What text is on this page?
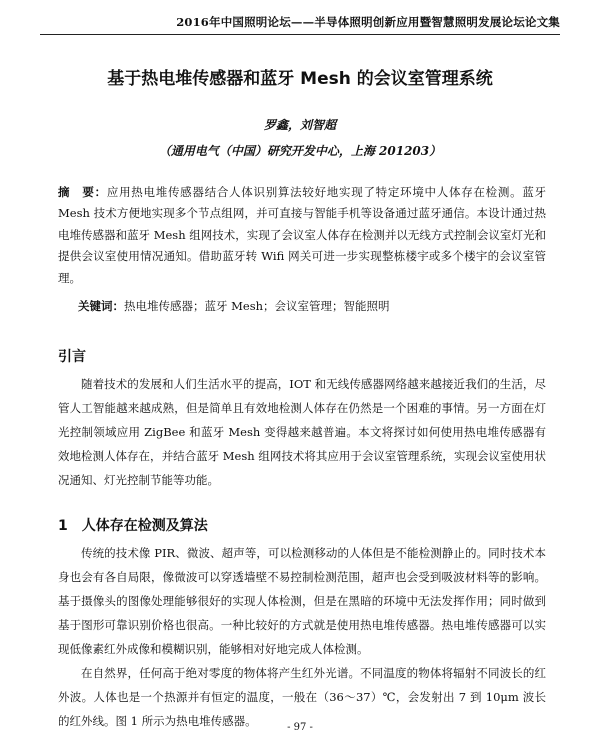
2016年中国照明论坛——半导体照明创新应用暨智慧照明发展论坛论文集
基于热电堆传感器和蓝牙 Mesh 的会议室管理系统
罗鑫，刘智超
（通用电气（中国）研究开发中心，上海 201203）
摘　要：应用热电堆传感器结合人体识别算法较好地实现了特定环境中人体存在检测。蓝牙 Mesh 技术方便地实现多个节点组网，并可直接与智能手机等设备通过蓝牙通信。本设计通过热电堆传感器和蓝牙 Mesh 组网技术，实现了会议室人体存在检测并以无线方式控制会议室灯光和提供会议室使用情况通知。借助蓝牙转 Wifi 网关可进一步实现整栋楼宇或多个楼宇的会议室管理。
关键词：热电堆传感器；蓝牙 Mesh；会议室管理；智能照明
引言
随着技术的发展和人们生活水平的提高，IOT 和无线传感器网络越来越接近我们的生活，尽管人工智能越来越成熟，但是简单且有效地检测人体存在仍然是一个困难的事情。另一方面在灯光控制领域应用 ZigBee 和蓝牙 Mesh 变得越来越普遍。本文将探讨如何使用热电堆传感器有效地检测人体存在，并结合蓝牙 Mesh 组网技术将其应用于会议室管理系统，实现会议室使用状况通知、灯光控制节能等功能。
1　人体存在检测及算法
传统的技术像 PIR、微波、超声等，可以检测移动的人体但是不能检测静止的。同时技术本身也会有各自局限，像微波可以穿透墙壁不易控制检测范围，超声也会受到吸波材料等的影响。基于摄像头的图像处理能够很好的实现人体检测，但是在黑暗的环境中无法发挥作用；同时做到基于图形可靠识别价格也很高。一种比较好的方式就是使用热电堆传感器。热电堆传感器可以实现低像素红外成像和模糊识别，能够相对好地完成人体检测。
在自然界，任何高于绝对零度的物体将产生红外光谱。不同温度的物体将辐射不同波长的红外波。人体也是一个热源并有恒定的温度，一般在（36～37）℃，会发射出 7 到 10μm 波长的红外线。图 1 所示为热电堆传感器。	- 97 -
